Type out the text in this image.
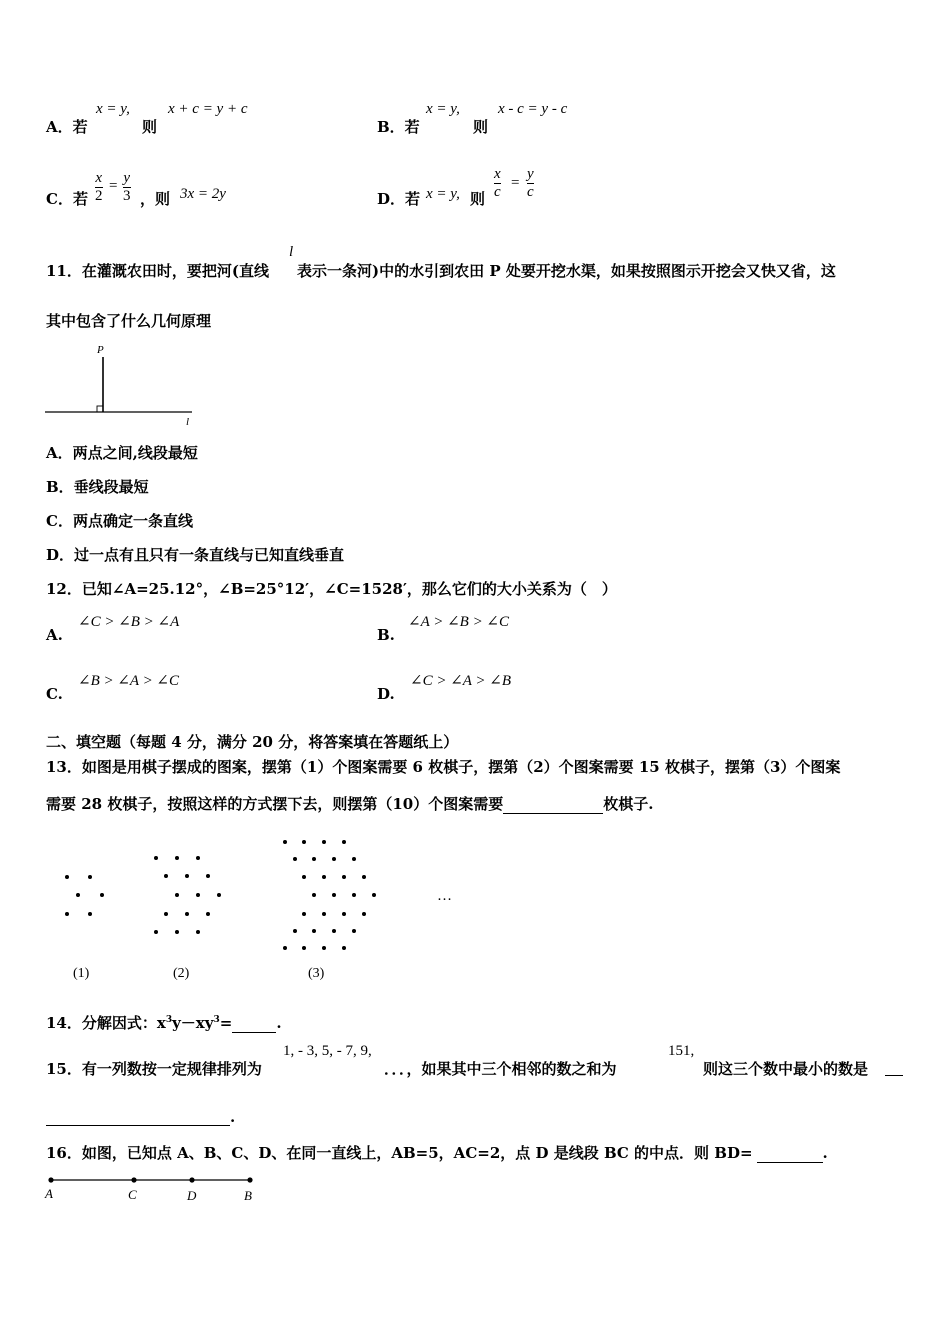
A．若
x = y,
则
x + c = y + c
B．若
x = y,
则
x - c = y - c
C．若
x
2
= y
3 ，则 3x = 2y	D．若 x = y, 则
x
c
=
y
c
11．在灌溉农田时，要把河(直线
l
表示一条河)中的水引到农田 P 处要开挖水渠，如果按照图示开挖会又快又省，这
其中包含了什么几何原理
P
l
A．两点之间,线段最短
B．垂线段最短
C．两点确定一条直线
D．过一点有且只有一条直线与已知直线垂直
12．已知∠A=25.12°，∠B=25°12′，∠C=1528′，那么它们的大小关系为（　）
A.
∠C > ∠B > ∠A
B.
∠A > ∠B > ∠C
C.
∠B > ∠A > ∠C
D.
∠C > ∠A > ∠B
二、填空题（每题 4 分，满分 20 分，将答案填在答题纸上）
13．如图是用棋子摆成的图案，摆第（1）个图案需要 6 枚棋子，摆第（2）个图案需要 15 枚棋子，摆第（3）个图案
需要 28 枚棋子，按照这样的方式摆下去，则摆第（10）个图案需要	枚棋子.
…
(1)	(2)	(3)
14．分解因式：$x^3y-xy^3=$	.
15．有一列数按一定规律排列为
1, - 3, 5, - 7, 9,
．．．，如果其中三个相邻的数之和为
151,
则这三个数中最小的数是
.
16．如图，已知点 A、B、C、D、在同一直线上，AB=5，AC=2，点 D 是线段 BC 的中点．则 BD=	.
A	C	D	B
